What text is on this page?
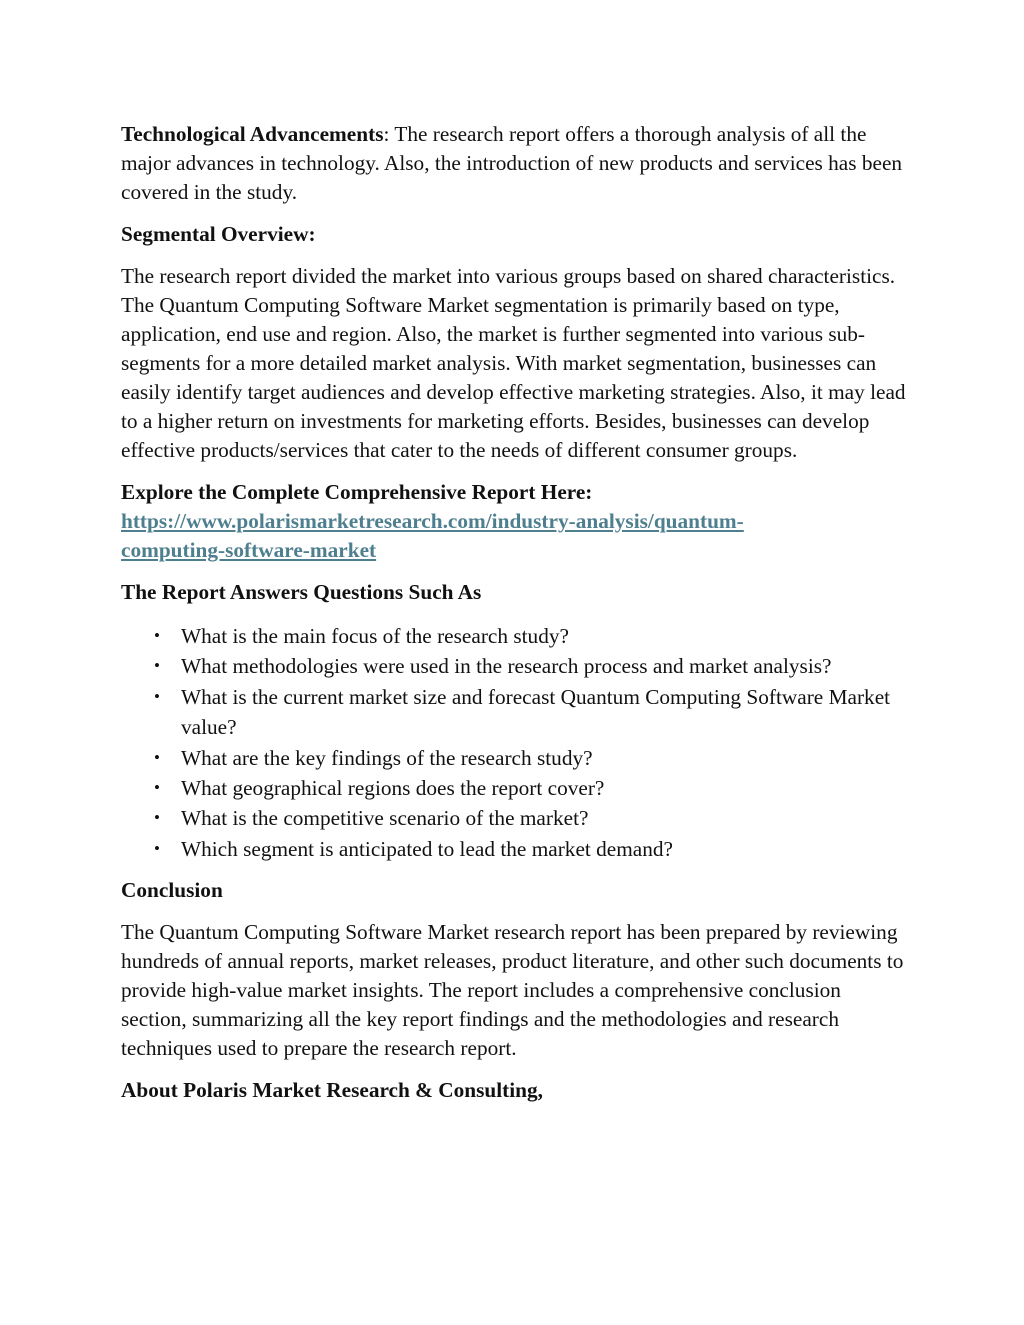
Technological Advancements: The research report offers a thorough analysis of all the major advances in technology. Also, the introduction of new products and services has been covered in the study.

Segmental Overview:

The research report divided the market into various groups based on shared characteristics. The Quantum Computing Software Market segmentation is primarily based on type, application, end use and region. Also, the market is further segmented into various sub-segments for a more detailed market analysis. With market segmentation, businesses can easily identify target audiences and develop effective marketing strategies. Also, it may lead to a higher return on investments for marketing efforts. Besides, businesses can develop effective products/services that cater to the needs of different consumer groups.

Explore the Complete Comprehensive Report Here:
https://www.polarismarketresearch.com/industry-analysis/quantum-
computing-software-market

The Report Answers Questions Such As

• What is the main focus of the research study?
• What methodologies were used in the research process and market analysis?
• What is the current market size and forecast Quantum Computing Software Market value?
• What are the key findings of the research study?
• What geographical regions does the report cover?
• What is the competitive scenario of the market?
• Which segment is anticipated to lead the market demand?

Conclusion

The Quantum Computing Software Market research report has been prepared by reviewing hundreds of annual reports, market releases, product literature, and other such documents to provide high-value market insights. The report includes a comprehensive conclusion section, summarizing all the key report findings and the methodologies and research techniques used to prepare the research report.

About Polaris Market Research & Consulting,
